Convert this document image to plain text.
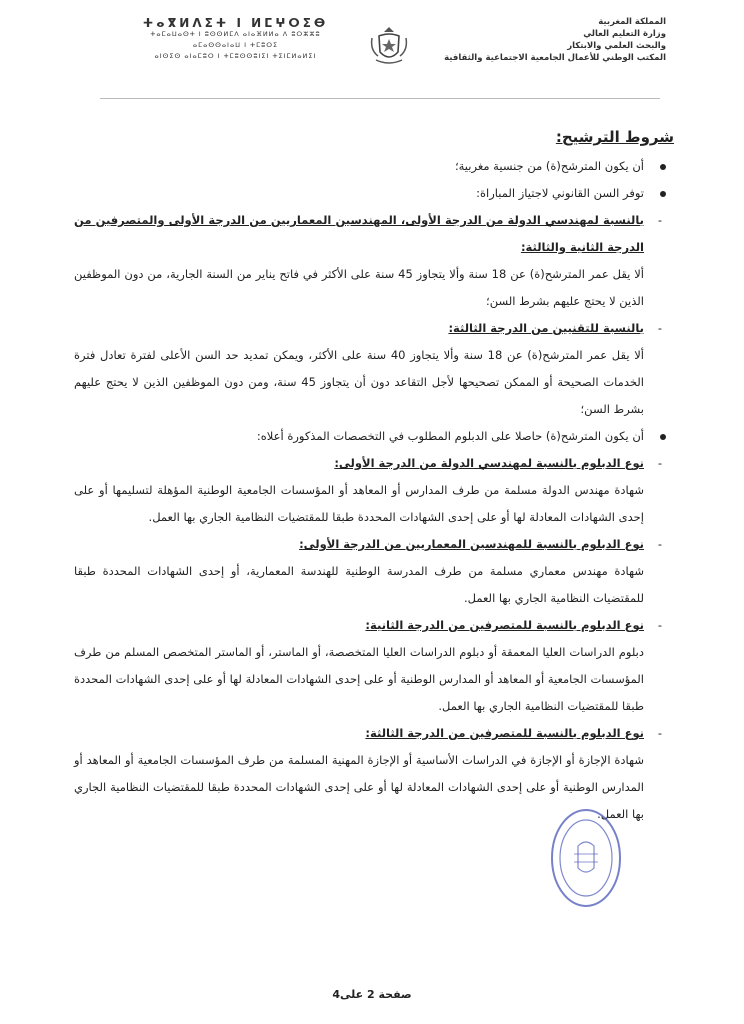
المملكة المغربية
وزارة التعليم العالي
والبحث العلمي والابتكار
المكتب الوطني للأعمال الجامعية الاجتماعية والثقافية
ⵜⴰⴳⵍⴷⵉⵜ ⵏ ⵍⵎⵖⵔⵉⴱ
ⵜⴰⵎⴰⵡⴰⵙⵜ ⵏ ⵓⵙⵙⵍⵎⴷ ⴰⵏⴰⴼⵍⵍⴰ ⴷ ⵓⵔⵣⵣⵓ
ⴰⵎⴰⵙⵙⴰⵏⴰⵡ ⵏ ⵜⵎⵓⵔⵉ
ⴰⵏⵙⵉⵙ ⴰⵏⴰⵎⵓⵔ ⵏ ⵜⵎⵓⵙⵙⵓⵏⵉⵏ ⵜⵉⵏⵎⵍⴰⵍⵉⵏ
شروط الترشيح:
أن يكون المترشح(ة) من جنسية مغربية؛
توفر السن القانوني لاجتياز المباراة:
-
بالنسبة لمهندسي الدولة من الدرجة الأولى، المهندسين المعماريين من الدرجة الأولى والمتصرفين من الدرجة الثانية والثالثة:
ألا يقل عمر المترشح(ة) عن 18 سنة وألا يتجاوز 45 سنة على الأكثر في فاتح يناير من السنة الجارية، من دون الموظفين الذين لا يحتج عليهم بشرط السن؛
-
بالنسبة للتقنيين من الدرجة الثالثة:
ألا يقل عمر المترشح(ة) عن 18 سنة وألا يتجاوز 40 سنة على الأكثر، ويمكن تمديد حد السن الأعلى لفترة تعادل فترة الخدمات الصحيحة أو الممكن تصحيحها لأجل التقاعد دون أن يتجاوز 45 سنة، ومن دون الموظفين الذين لا يحتج عليهم بشرط السن؛
أن يكون المترشح(ة) حاصلا على الدبلوم المطلوب في التخصصات المذكورة أعلاه:
-
نوع الدبلوم بالنسبة لمهندسي الدولة من الدرجة الأولى:
شهادة مهندس الدولة مسلمة من طرف المدارس أو المعاهد أو المؤسسات الجامعية الوطنية المؤهلة لتسليمها أو على إحدى الشهادات المعادلة لها أو على إحدى الشهادات المحددة طبقا للمقتضيات النظامية الجاري بها العمل.
-
نوع الدبلوم بالنسبة للمهندسين المعماريين من الدرجة الأولى:
شهادة مهندس معماري مسلمة من طرف المدرسة الوطنية للهندسة المعمارية، أو إحدى الشهادات المحددة طبقا للمقتضيات النظامية الجاري بها العمل.
-
نوع الدبلوم بالنسبة للمتصرفين من الدرجة الثانية:
دبلوم الدراسات العليا المعمقة أو دبلوم الدراسات العليا المتخصصة، أو الماستر، أو الماستر المتخصص المسلم من طرف المؤسسات الجامعية أو المعاهد أو المدارس الوطنية أو على إحدى الشهادات المعادلة لها أو على إحدى الشهادات المحددة طبقا للمقتضيات النظامية الجاري بها العمل.
-
نوع الدبلوم بالنسبة للمتصرفين من الدرجة الثالثة:
شهادة الإجازة أو الإجازة في الدراسات الأساسية أو الإجازة المهنية المسلمة من طرف المؤسسات الجامعية أو المعاهد أو المدارس الوطنية أو على إحدى الشهادات المعادلة لها أو على إحدى الشهادات المحددة طبقا للمقتضيات النظامية الجاري بها العمل.
صفحة 2 على4
